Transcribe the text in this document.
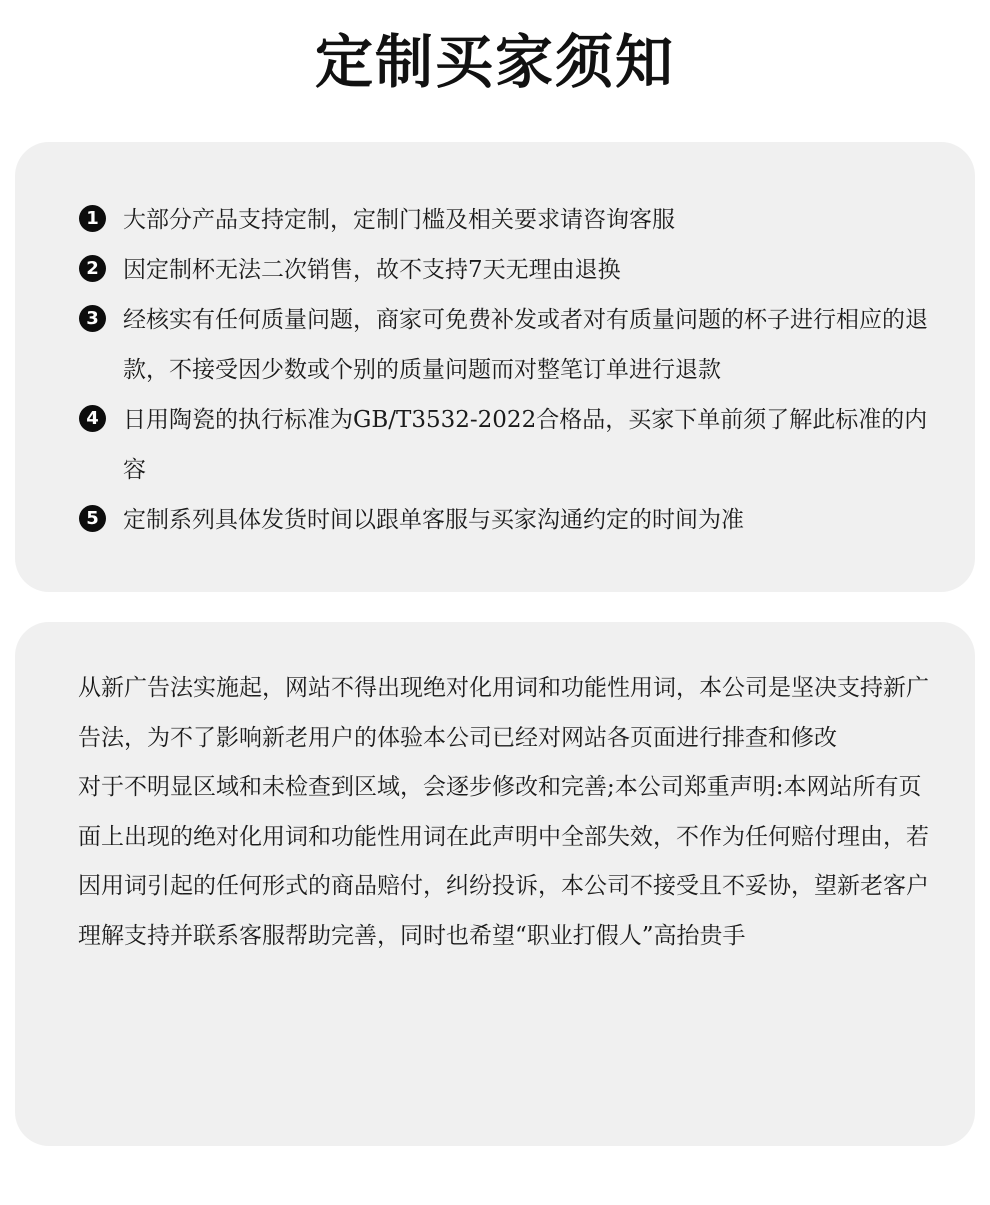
定制买家须知
1	大部分产品支持定制，定制门槛及相关要求请咨询客服
2	因定制杯无法二次销售，故不支持7天无理由退换
3	经核实有任何质量问题，商家可免费补发或者对有质量问题的杯子进行相应的退款，不接受因少数或个别的质量问题而对整笔订单进行退款
4	日用陶瓷的执行标准为GB/T3532-2022合格品，买家下单前须了解此标准的内容
5	定制系列具体发货时间以跟单客服与买家沟通约定的时间为准
从新广告法实施起，网站不得出现绝对化用词和功能性用词，本公司是坚决支持新广告法，为不了影响新老用户的体验本公司已经对网站各页面进行排查和修改
对于不明显区域和未检查到区域，会逐步修改和完善;本公司郑重声明:本网站所有页面上出现的绝对化用词和功能性用词在此声明中全部失效，不作为任何赔付理由，若因用词引起的任何形式的商品赔付，纠纷投诉，本公司不接受且不妥协，望新老客户理解支持并联系客服帮助完善，同时也希望“职业打假人”高抬贵手
